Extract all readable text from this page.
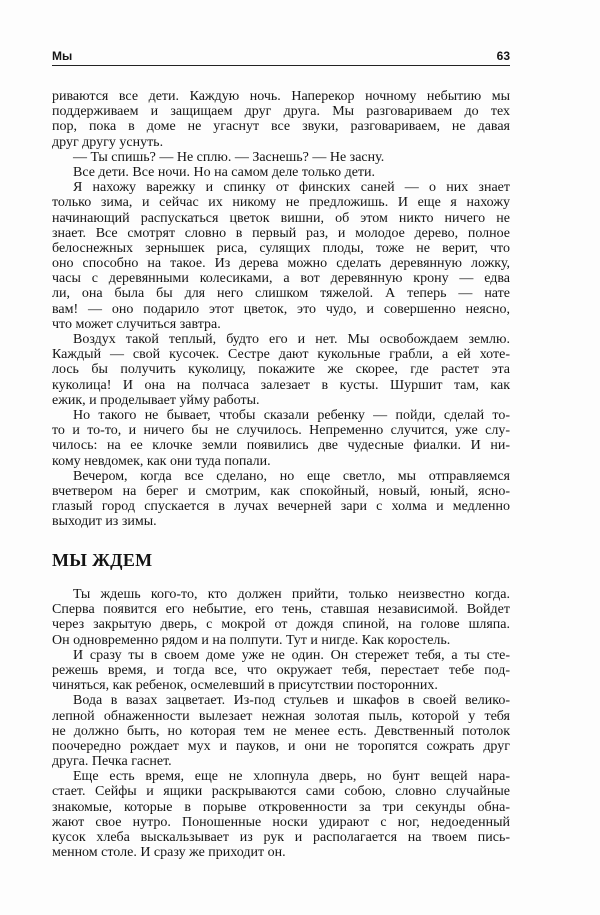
Мы	63
риваются все дети. Каждую ночь. Наперекор ночному небытию мы
поддерживаем и защищаем друг друга. Мы разговариваем до тех
пор, пока в доме не угаснут все звуки, разговариваем, не давая
друг другу уснуть.
— Ты спишь? — Не сплю. — Заснешь? — Не засну.
Все дети. Все ночи. Но на самом деле только дети.
Я нахожу варежку и спинку от финских саней — о них знает
только зима, и сейчас их никому не предложишь. И еще я нахожу
начинающий распускаться цветок вишни, об этом никто ничего не
знает. Все смотрят словно в первый раз, и молодое дерево, полное
белоснежных зернышек риса, сулящих плоды, тоже не верит, что
оно способно на такое. Из дерева можно сделать деревянную ложку,
часы с деревянными колесиками, а вот деревянную крону — едва
ли, она была бы для него слишком тяжелой. А теперь — нате
вам! — оно подарило этот цветок, это чудо, и совершенно неясно,
что может случиться завтра.
Воздух такой теплый, будто его и нет. Мы освобождаем землю.
Каждый — свой кусочек. Сестре дают кукольные грабли, а ей хоте-
лось бы получить куколицу, покажите же скорее, где растет эта
куколица! И она на полчаса залезает в кусты. Шуршит там, как
ежик, и проделывает уйму работы.
Но такого не бывает, чтобы сказали ребенку — пойди, сделай то-
то и то-то, и ничего бы не случилось. Непременно случится, уже слу-
чилось: на ее клочке земли появились две чудесные фиалки. И ни-
кому невдомек, как они туда попали.
Вечером, когда все сделано, но еще светло, мы отправляемся
вчетвером на берег и смотрим, как спокойный, новый, юный, ясно-
глазый город спускается в лучах вечерней зари с холма и медленно
выходит из зимы.
МЫ ЖДЕМ
Ты ждешь кого-то, кто должен прийти, только неизвестно когда.
Сперва появится его небытие, его тень, ставшая независимой. Войдет
через закрытую дверь, с мокрой от дождя спиной, на голове шляпа.
Он одновременно рядом и на полпути. Тут и нигде. Как коростель.
И сразу ты в своем доме уже не один. Он стережет тебя, а ты сте-
режешь время, и тогда все, что окружает тебя, перестает тебе под-
чиняться, как ребенок, осмелевший в присутствии посторонних.
Вода в вазах зацветает. Из-под стульев и шкафов в своей велико-
лепной обнаженности вылезает нежная золотая пыль, которой у тебя
не должно быть, но которая тем не менее есть. Девственный потолок
поочередно рождает мух и пауков, и они не торопятся сожрать друг
друга. Печка гаснет.
Еще есть время, еще не хлопнула дверь, но бунт вещей нара-
стает. Сейфы и ящики раскрываются сами собою, словно случайные
знакомые, которые в порыве откровенности за три секунды обна-
жают свое нутро. Поношенные носки удирают с ног, недоеденный
кусок хлеба выскальзывает из рук и располагается на твоем пись-
менном столе. И сразу же приходит он.
